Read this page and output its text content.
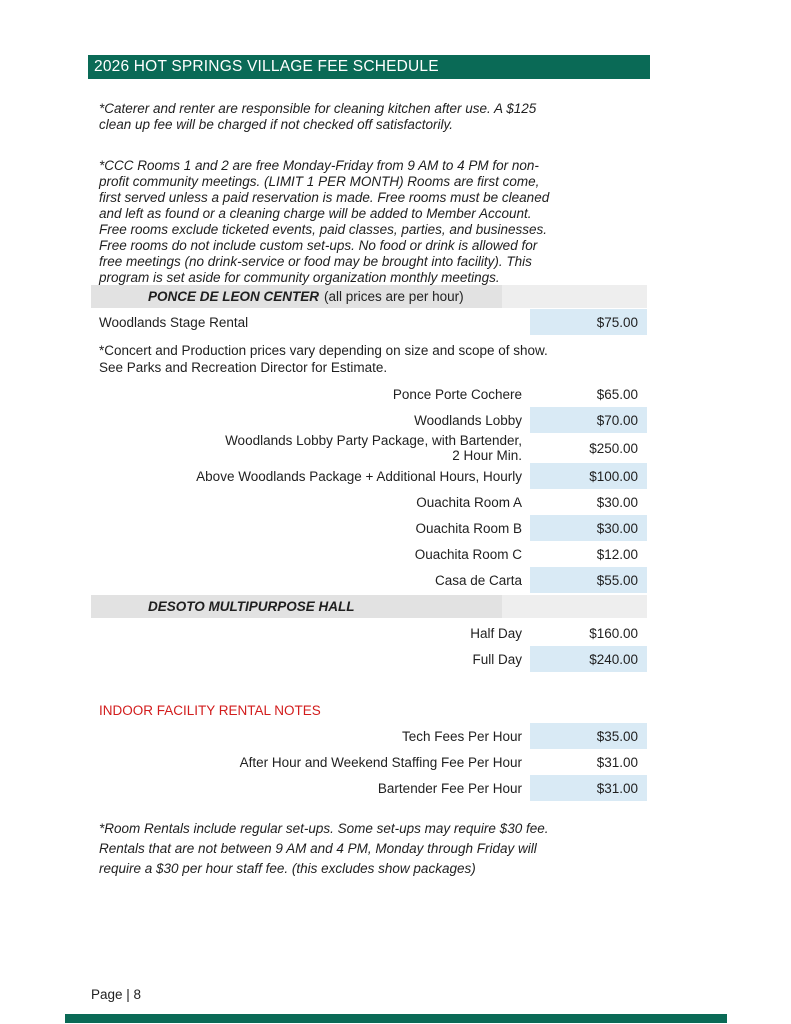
2026 HOT SPRINGS VILLAGE FEE SCHEDULE
*Caterer and renter are responsible for cleaning kitchen after use. A $125
clean up fee will be charged if not checked off satisfactorily.
*CCC Rooms 1 and 2 are free Monday-Friday from 9 AM to 4 PM for non-
profit community meetings. (LIMIT 1 PER MONTH) Rooms are first come,
first served unless a paid reservation is made. Free rooms must be cleaned
and left as found or a cleaning charge will be added to Member Account.
Free rooms exclude ticketed events, paid classes, parties, and businesses.
Free rooms do not include custom set-ups. No food or drink is allowed for
free meetings (no drink-service or food may be brought into facility). This
program is set aside for community organization monthly meetings.
PONCE DE LEON CENTER (all prices are per hour)
Woodlands Stage Rental	$75.00
*Concert and Production prices vary depending on size and scope of show.
See Parks and Recreation Director for Estimate.
Ponce Porte Cochere	$65.00
Woodlands Lobby	$70.00
Woodlands Lobby Party Package, with Bartender,
2 Hour Min.	$250.00
Above Woodlands Package + Additional Hours, Hourly	$100.00
Ouachita Room A	$30.00
Ouachita Room B	$30.00
Ouachita Room C	$12.00
Casa de Carta	$55.00
DESOTO MULTIPURPOSE HALL
Half Day	$160.00
Full Day	$240.00
INDOOR FACILITY RENTAL NOTES
Tech Fees Per Hour	$35.00
After Hour and Weekend Staffing Fee Per Hour	$31.00
Bartender Fee Per Hour	$31.00
*Room Rentals include regular set-ups. Some set-ups may require $30 fee.
Rentals that are not between 9 AM and 4 PM, Monday through Friday will
require a $30 per hour staff fee. (this excludes show packages)
Page | 8
